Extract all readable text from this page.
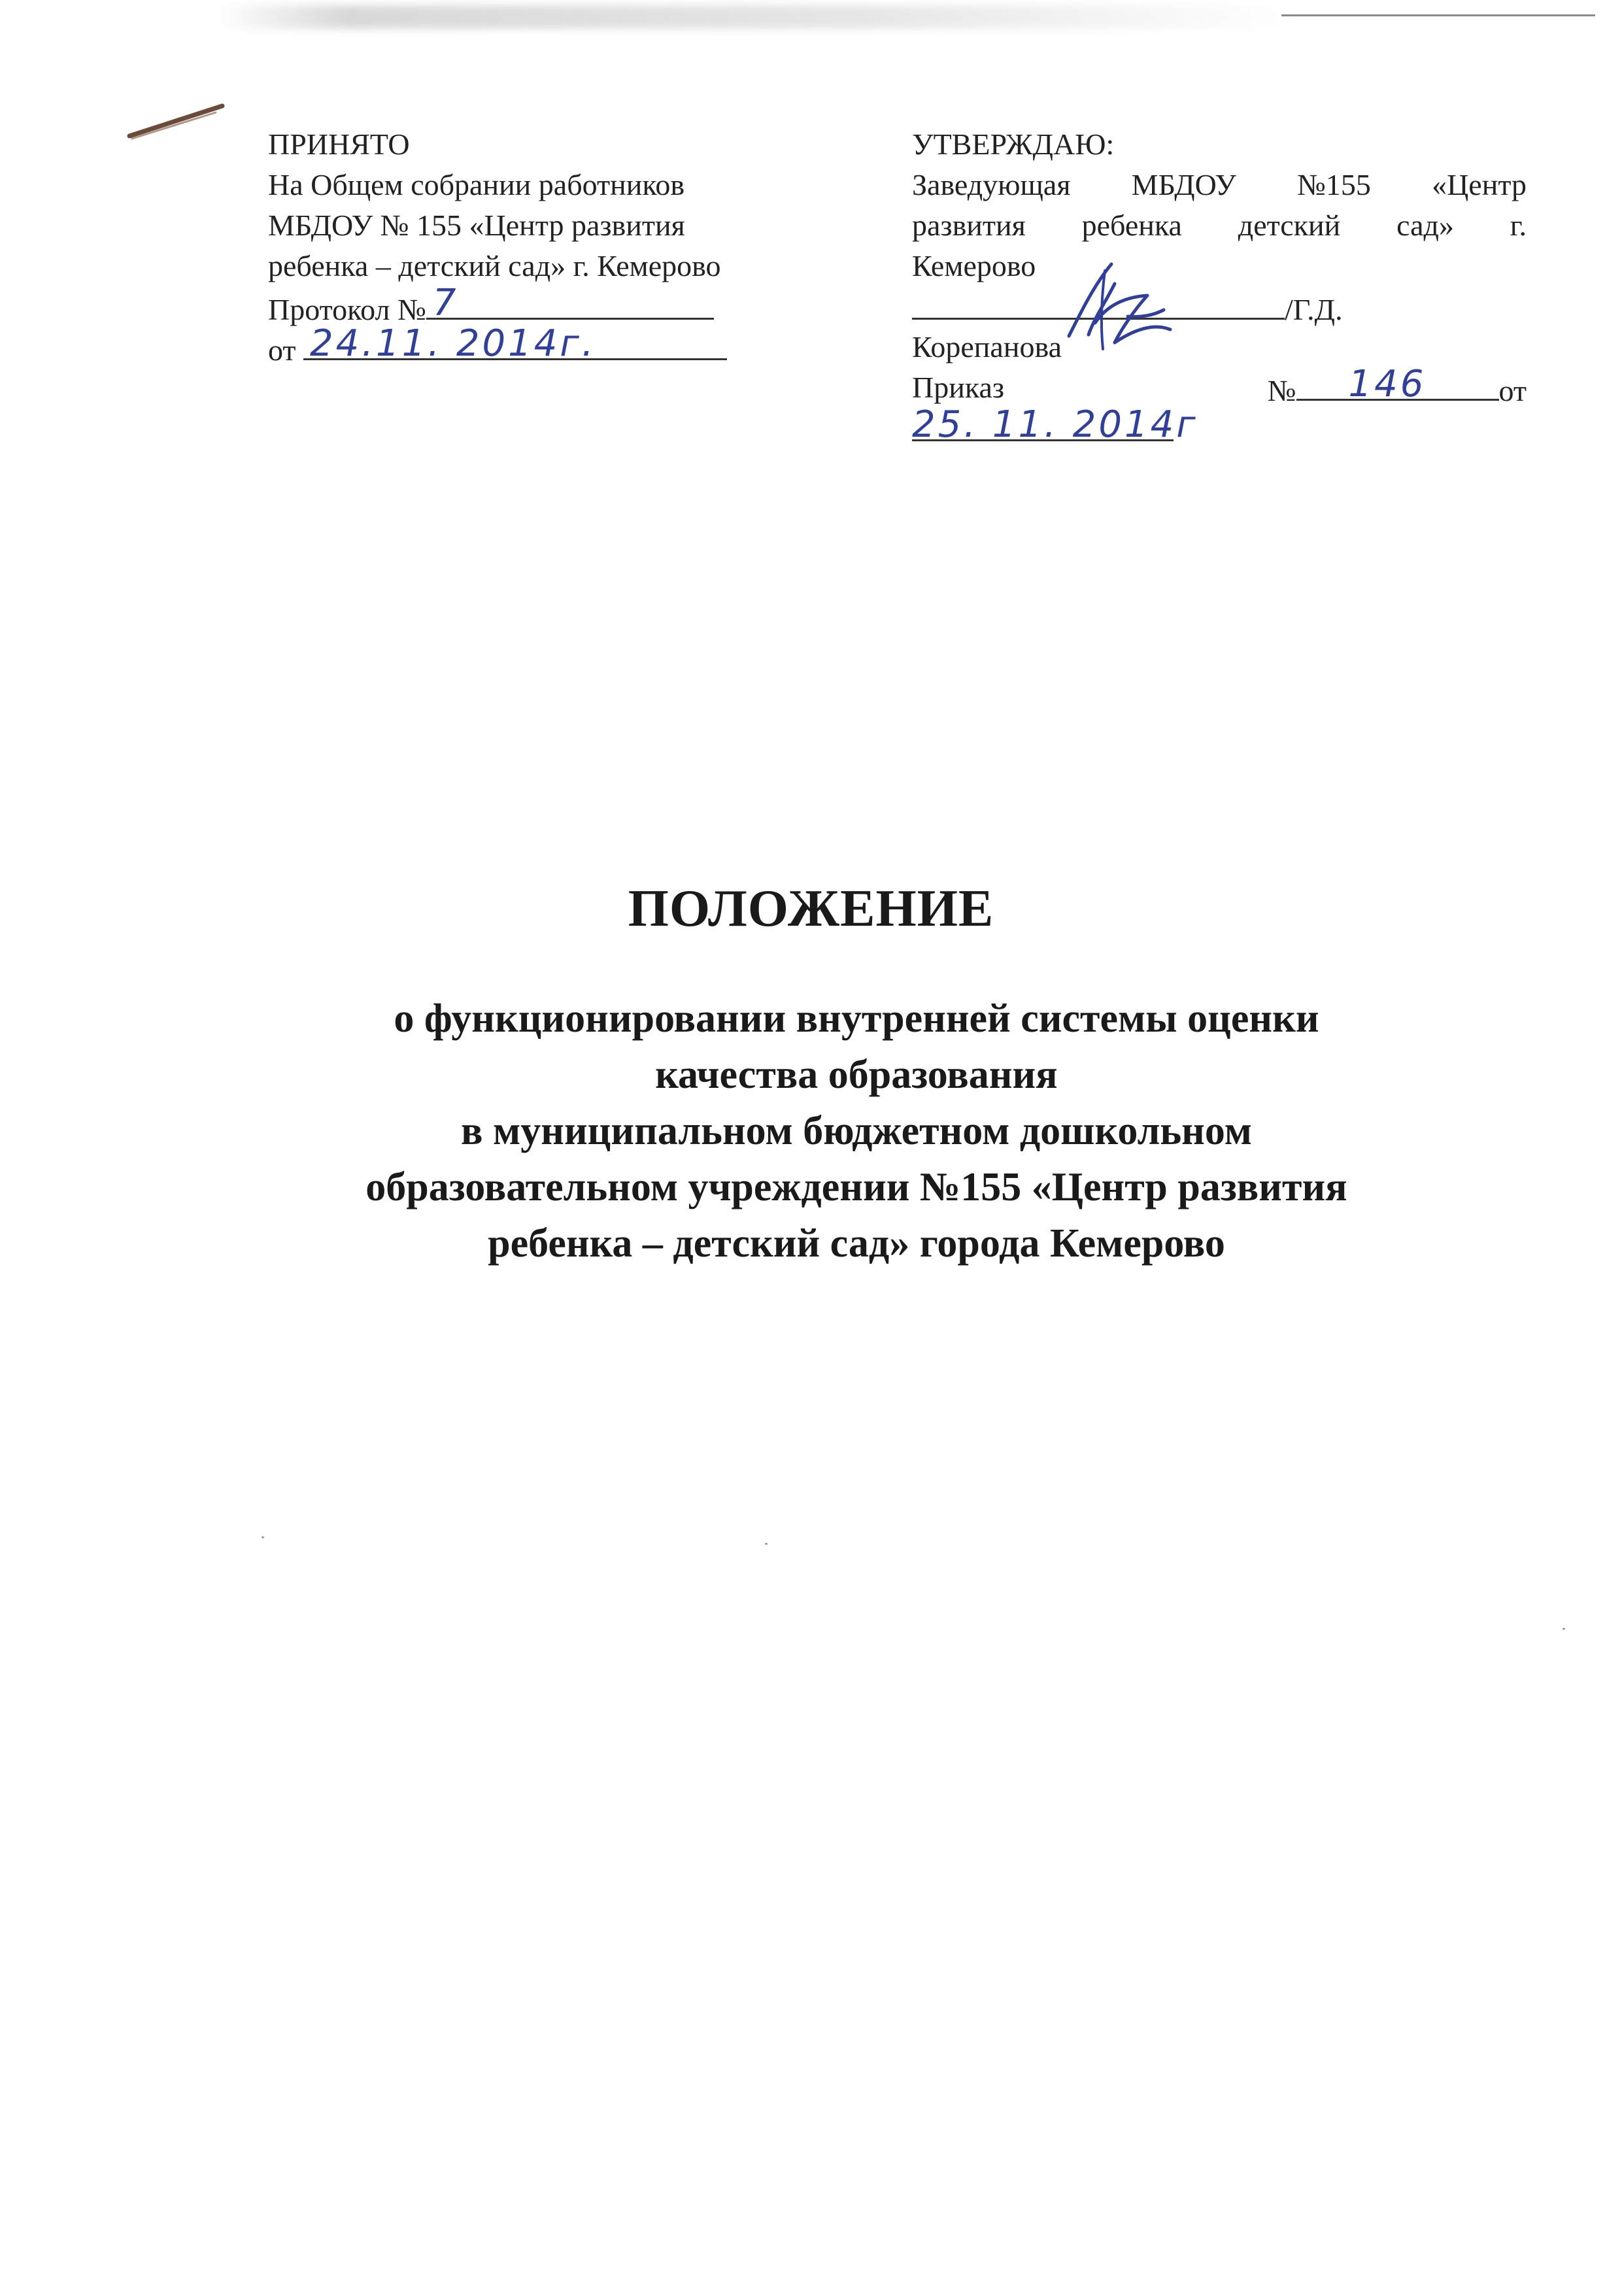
ПРИНЯТО
На Общем собрании работников
МБДОУ № 155 «Центр развития
ребенка – детский сад» г. Кемерово
Протокол № 7
от 24.11. 2014г.
УТВЕРЖДАЮ:
Заведующая МБДОУ №155 «Центр
развития ребенка детский сад» г.
Кемерово
/Г.Д.
Корепанова
Приказ	№ 146 от
25. 11. 2014г
ПОЛОЖЕНИЕ
о функционировании внутренней системы оценки
качества образования
в муниципальном бюджетном дошкольном
образовательном учреждении №155 «Центр развития
ребенка – детский сад» города Кемерово
